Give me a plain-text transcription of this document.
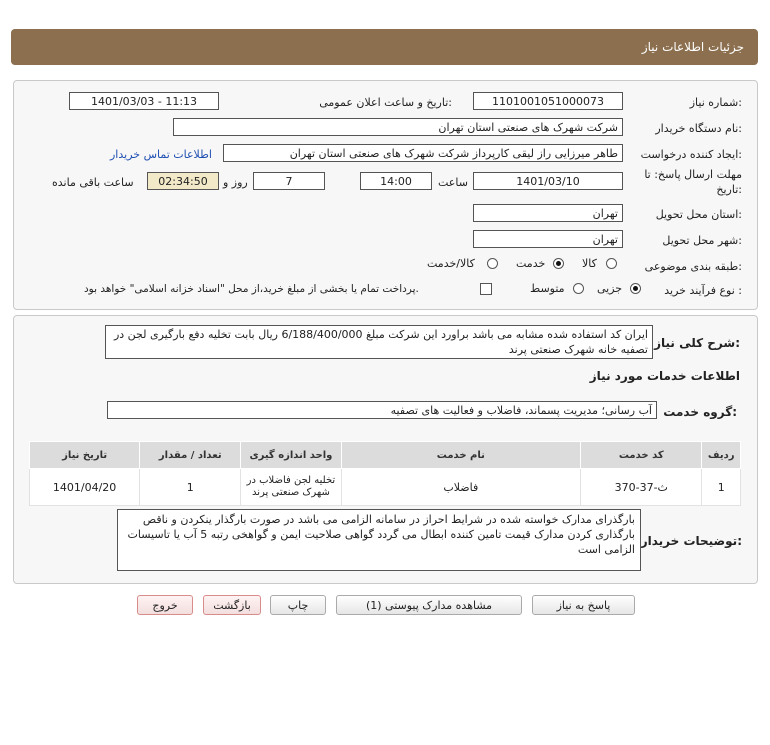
جزئیات اطلاعات نیاز
شماره نیاز:
1101001051000073
تاریخ و ساعت اعلان عمومی:
1401/03/03 - 11:13
نام دستگاه خریدار:
شرکت شهرک های صنعتی استان تهران
ایجاد کننده درخواست:
طاهر میرزایی راز لیقی کارپرداز شرکت شهرک های صنعتی استان تهران
اطلاعات تماس خریدار
مهلت ارسال پاسخ: تا
تاریخ:
1401/03/10
ساعت
14:00
7
روز و
02:34:50
ساعت باقی مانده
استان محل تحویل:
تهران
شهر محل تحویل:
تهران
طبقه بندی موضوعی:
کالا
خدمت
کالا/خدمت
نوع فرآیند خرید :
جزیی
متوسط
پرداخت تمام یا بخشی از مبلغ خرید،از محل "اسناد خزانه اسلامی" خواهد بود.
شرح کلی نیاز:
ایران کد استفاده شده مشابه می باشد براورد این شرکت مبلغ 6/188/400/000 ریال بابت تخلیه دفع بارگیری لجن در تصفیه خانه شهرک صنعتی پرند
اطلاعات خدمات مورد نیاز
گروه خدمت:
آب رسانی؛ مدیریت پسماند، فاضلاب و فعالیت های تصفیه
ردیف	کد خدمت	نام خدمت	واحد اندازه گیری	تعداد / مقدار	تاریخ نیاز
1	ث-37-370	فاضلاب	تخلیه لجن فاضلاب در شهرک صنعتی پرند	1	1401/04/20
توضیحات خریدار:
بارگذرای مدارک خواسته شده در شرایط احراز در سامانه الزامی می باشد در صورت بارگذار ینکردن و ناقص بارگذاری کردن مدارک قیمت تامین کننده ابطال می گردد گواهی صلاحیت ایمن و گواهخی رتبه 5 آب یا تاسیسات الزامی است
پاسخ به نیاز
مشاهده مدارک پیوستی (1)
چاپ
بازگشت
خروج
